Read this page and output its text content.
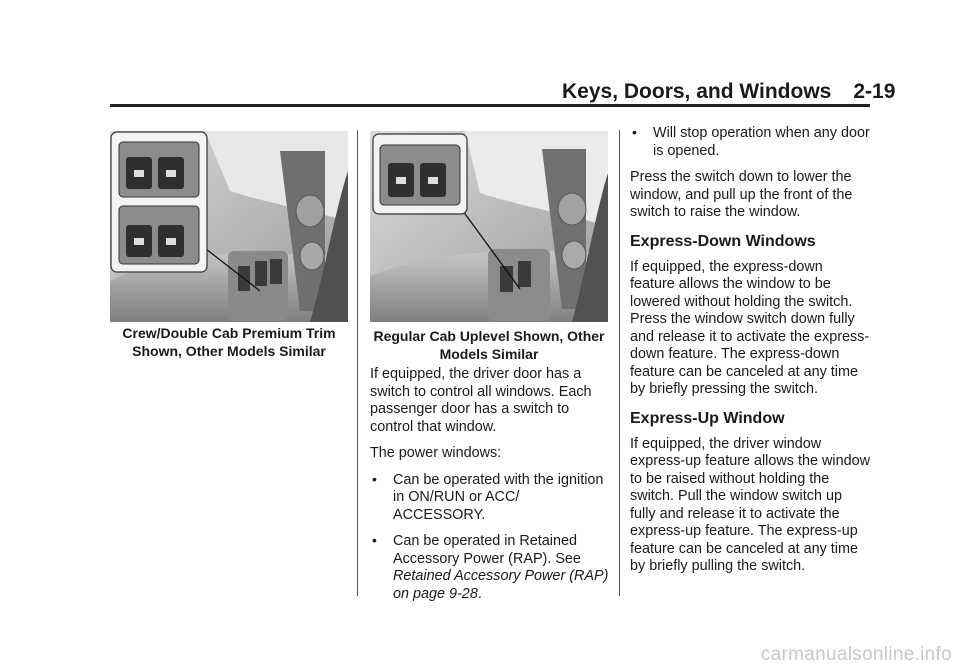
Keys, Doors, and Windows 2-19
Crew/Double Cab Premium Trim
Shown, Other Models Similar
Regular Cab Uplevel Shown, Other
Models Similar

If equipped, the driver door has a switch to control all windows. Each passenger door has a switch to control that window.

The power windows:

• Can be operated with the ignition in ON/RUN or ACC/ ACCESSORY.
• Can be operated in Retained Accessory Power (RAP). See Retained Accessory Power (RAP) on page 9-28.
• Will stop operation when any door is opened.

Press the switch down to lower the window, and pull up the front of the switch to raise the window.

Express-Down Windows

If equipped, the express-down feature allows the window to be lowered without holding the switch. Press the window switch down fully and release it to activate the express-down feature. The express-down feature can be canceled at any time by briefly pressing the switch.

Express-Up Window

If equipped, the driver window express-up feature allows the window to be raised without holding the switch. Pull the window switch up fully and release it to activate the express-up feature. The express-up feature can be canceled at any time by briefly pulling the switch.

carmanualsonline.info
